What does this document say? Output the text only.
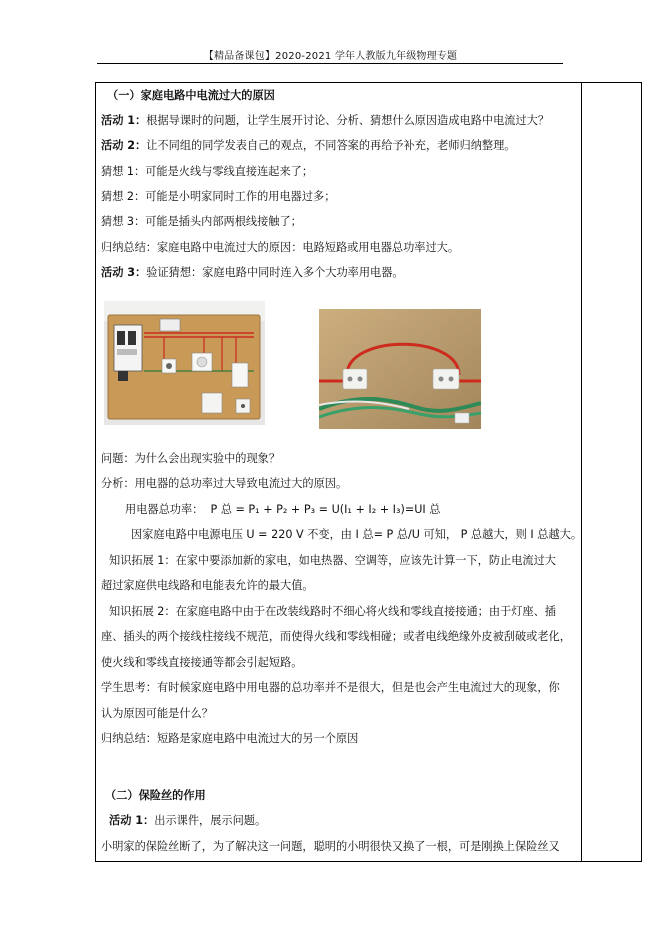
【精品备课包】2020-2021 学年人教版九年级物理专题
（一）家庭电路中电流过大的原因
活动 1：根据导课时的问题，让学生展开讨论、分析、猜想什么原因造成电路中电流过大？
活动 2：让不同组的同学发表自己的观点，不同答案的再给予补充，老师归纳整理。
猜想 1：可能是火线与零线直接连起来了；
猜想 2：可能是小明家同时工作的用电器过多；
猜想 3：可能是插头内部两根线接触了；
归纳总结：家庭电路中电流过大的原因：电路短路或用电器总功率过大。
活动 3：验证猜想：家庭电路中同时连入多个大功率用电器。
问题：为什么会出现实验中的现象？
分析：用电器的总功率过大导致电流过大的原因。
用电器总功率： P 总 = P₁ + P₂ + P₃ = U(I₁ + I₂ + I₃)=UI 总
因家庭电路中电源电压 U = 220 V 不变，由 I 总= P 总/U 可知， P 总越大，则 I 总越大。
知识拓展 1：在家中要添加新的家电，如电热器、空调等，应该先计算一下，防止电流过大
超过家庭供电线路和电能表允许的最大值。
知识拓展 2：在家庭电路中由于在改装线路时不细心将火线和零线直接接通；由于灯座、插
座、插头的两个接线柱接线不规范，而使得火线和零线相碰；或者电线绝缘外皮被刮破或老化，
使火线和零线直接接通等都会引起短路。
学生思考：有时候家庭电路中用电器的总功率并不是很大，但是也会产生电流过大的现象，你
认为原因可能是什么？
归纳总结：短路是家庭电路中电流过大的另一个原因
（二）保险丝的作用
活动 1：出示课件，展示问题。
小明家的保险丝断了，为了解决这一问题，聪明的小明很快又换了一根，可是刚换上保险丝又
